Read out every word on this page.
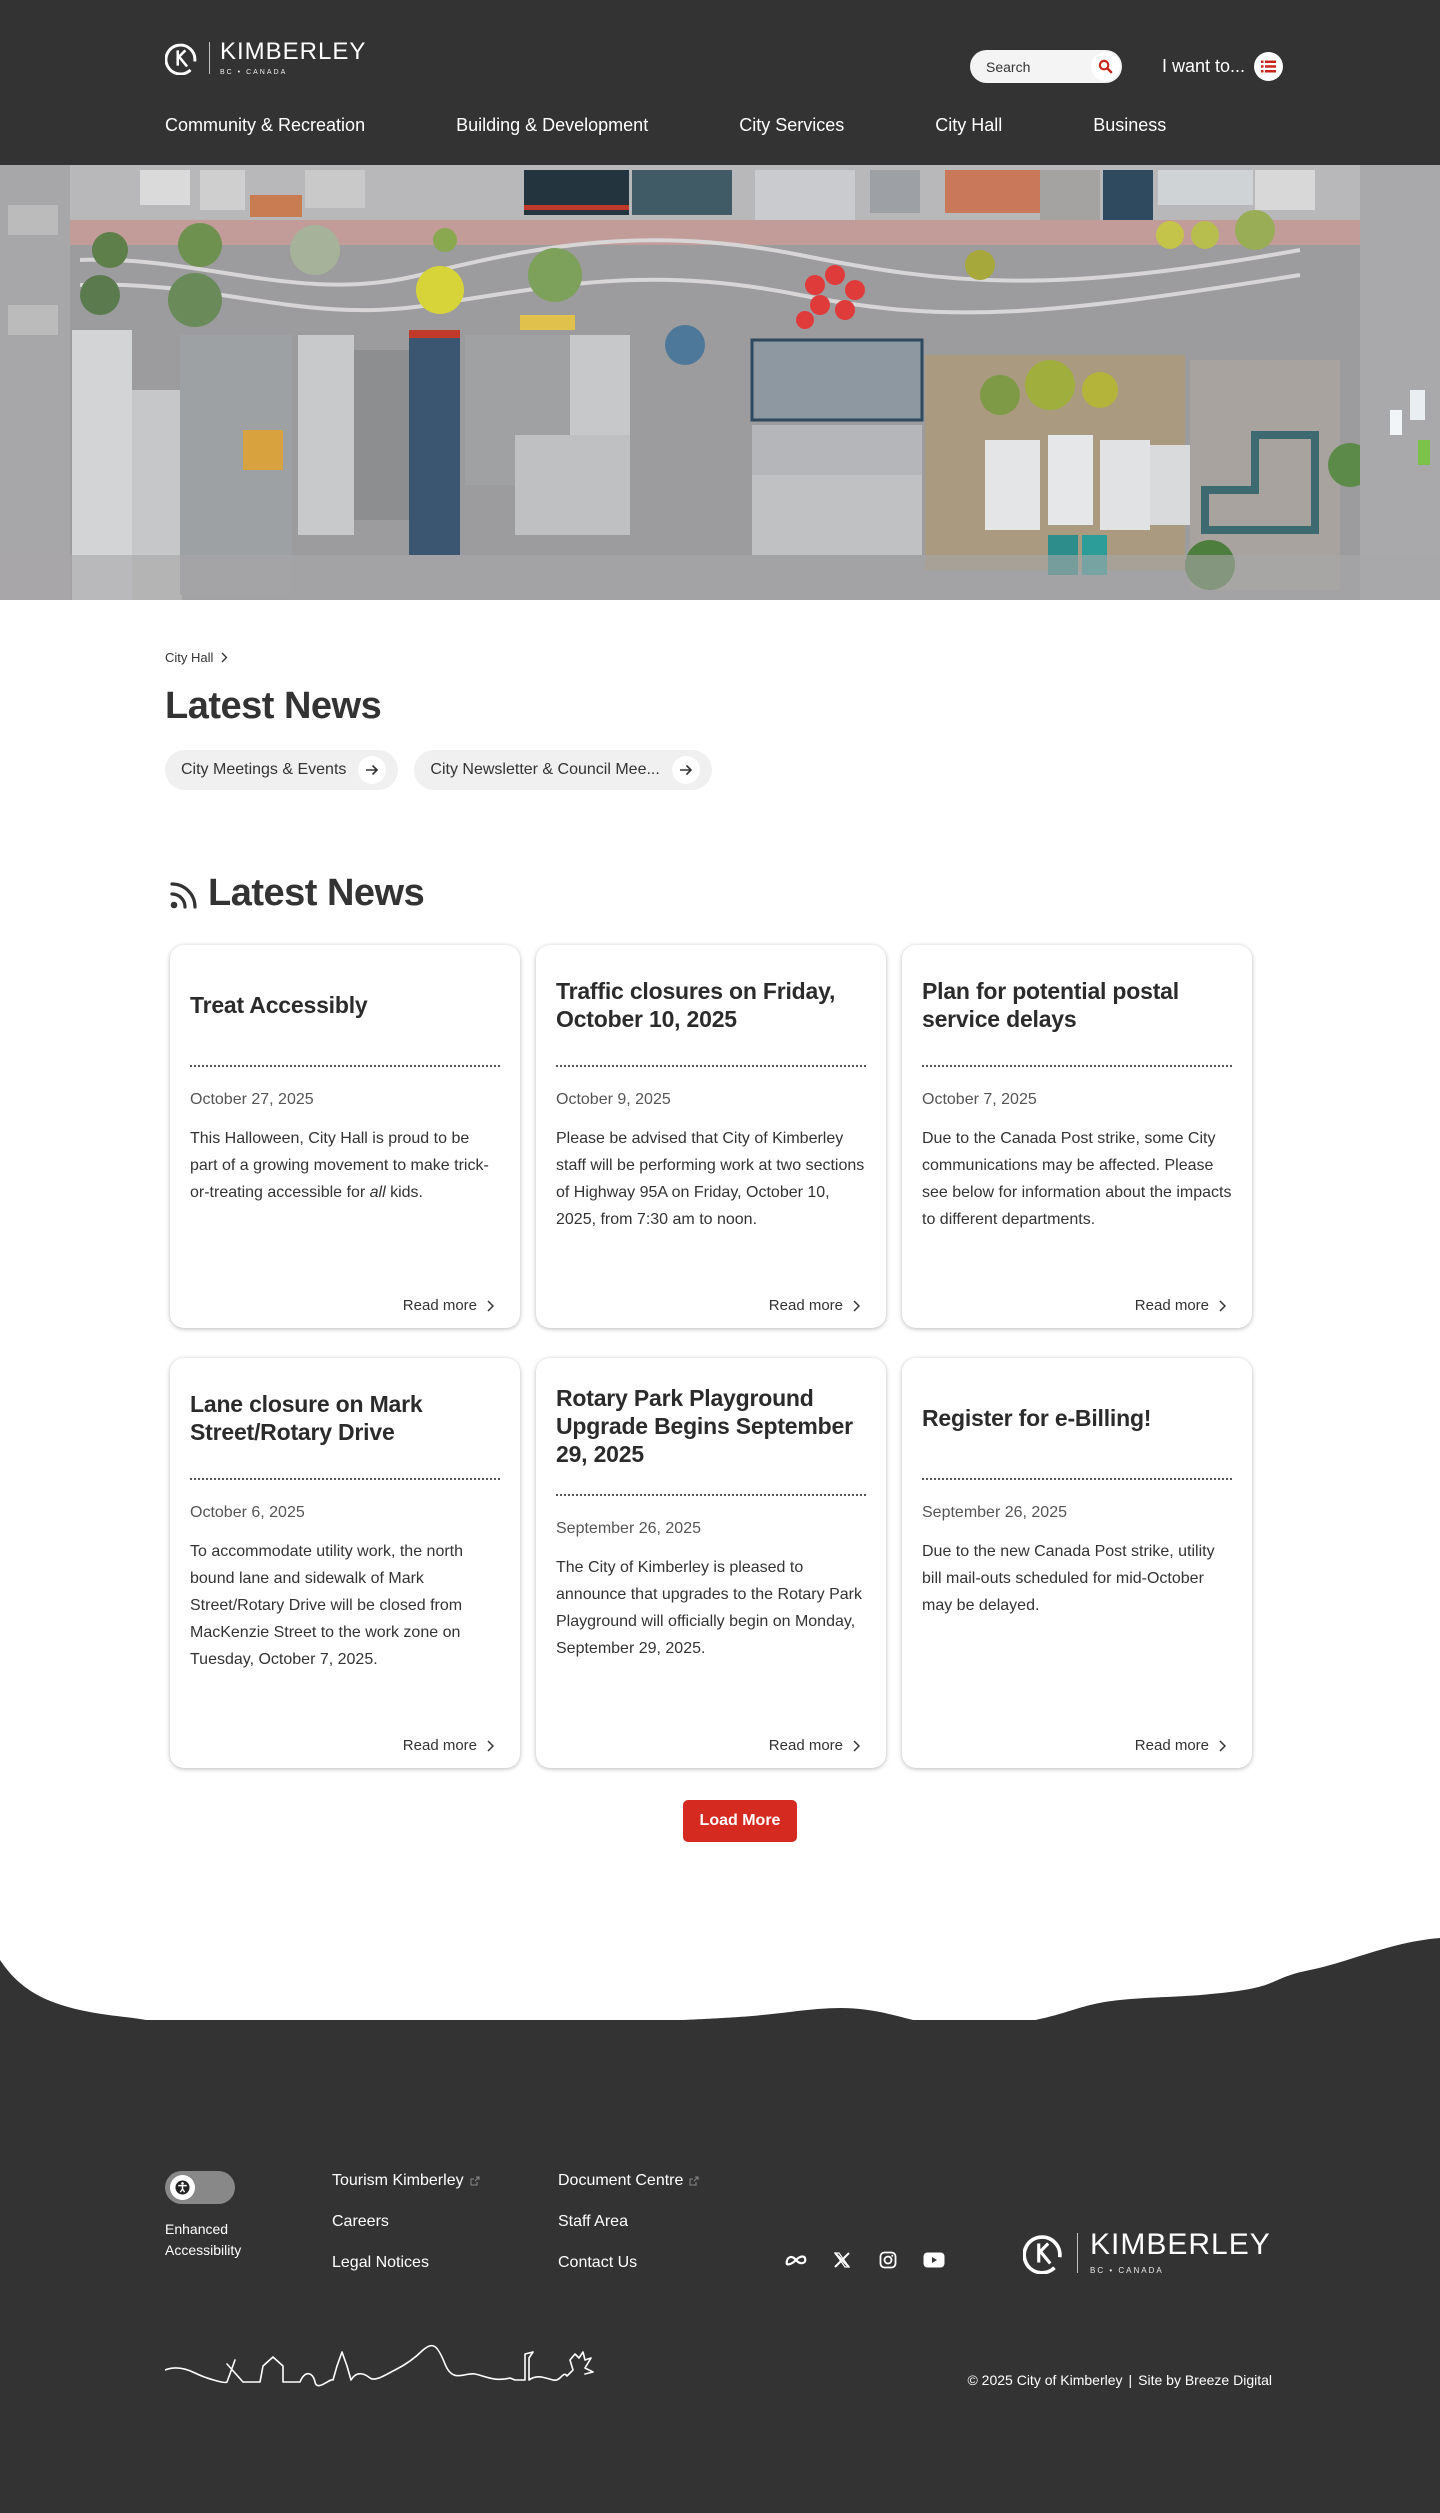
KIMBERLEY
BC • CANADA
Search	I want to...
Community & Recreation	Building & Development	City Services	City Hall	Business
City Hall
Latest News
City Meetings & Events	City Newsletter & Council Mee...
Latest News
Treat Accessibly
October 27, 2025

This Halloween, City Hall is proud to be part of a growing movement to make trick-or-treating accessible for all kids.

Read more
Traffic closures on Friday, October 10, 2025
October 9, 2025

Please be advised that City of Kimberley staff will be performing work at two sections of Highway 95A on Friday, October 10, 2025, from 7:30 am to noon.

Read more
Plan for potential postal service delays
October 7, 2025

Due to the Canada Post strike, some City communications may be affected. Please see below for information about the impacts to different departments.

Read more
Lane closure on Mark Street/Rotary Drive
October 6, 2025

To accommodate utility work, the north bound lane and sidewalk of Mark Street/Rotary Drive will be closed from MacKenzie Street to the work zone on Tuesday, October 7, 2025.

Read more
Rotary Park Playground Upgrade Begins September 29, 2025
September 26, 2025

The City of Kimberley is pleased to announce that upgrades to the Rotary Park Playground will officially begin on Monday, September 29, 2025.

Read more
Register for e-Billing!
September 26, 2025

Due to the new Canada Post strike, utility bill mail-outs scheduled for mid-October may be delayed.

Read more
Load More
Enhanced
Accessibility
Tourism Kimberley
Careers
Legal Notices
Document Centre
Staff Area
Contact Us
KIMBERLEY
BC • CANADA
© 2025 City of Kimberley | Site by Breeze Digital
